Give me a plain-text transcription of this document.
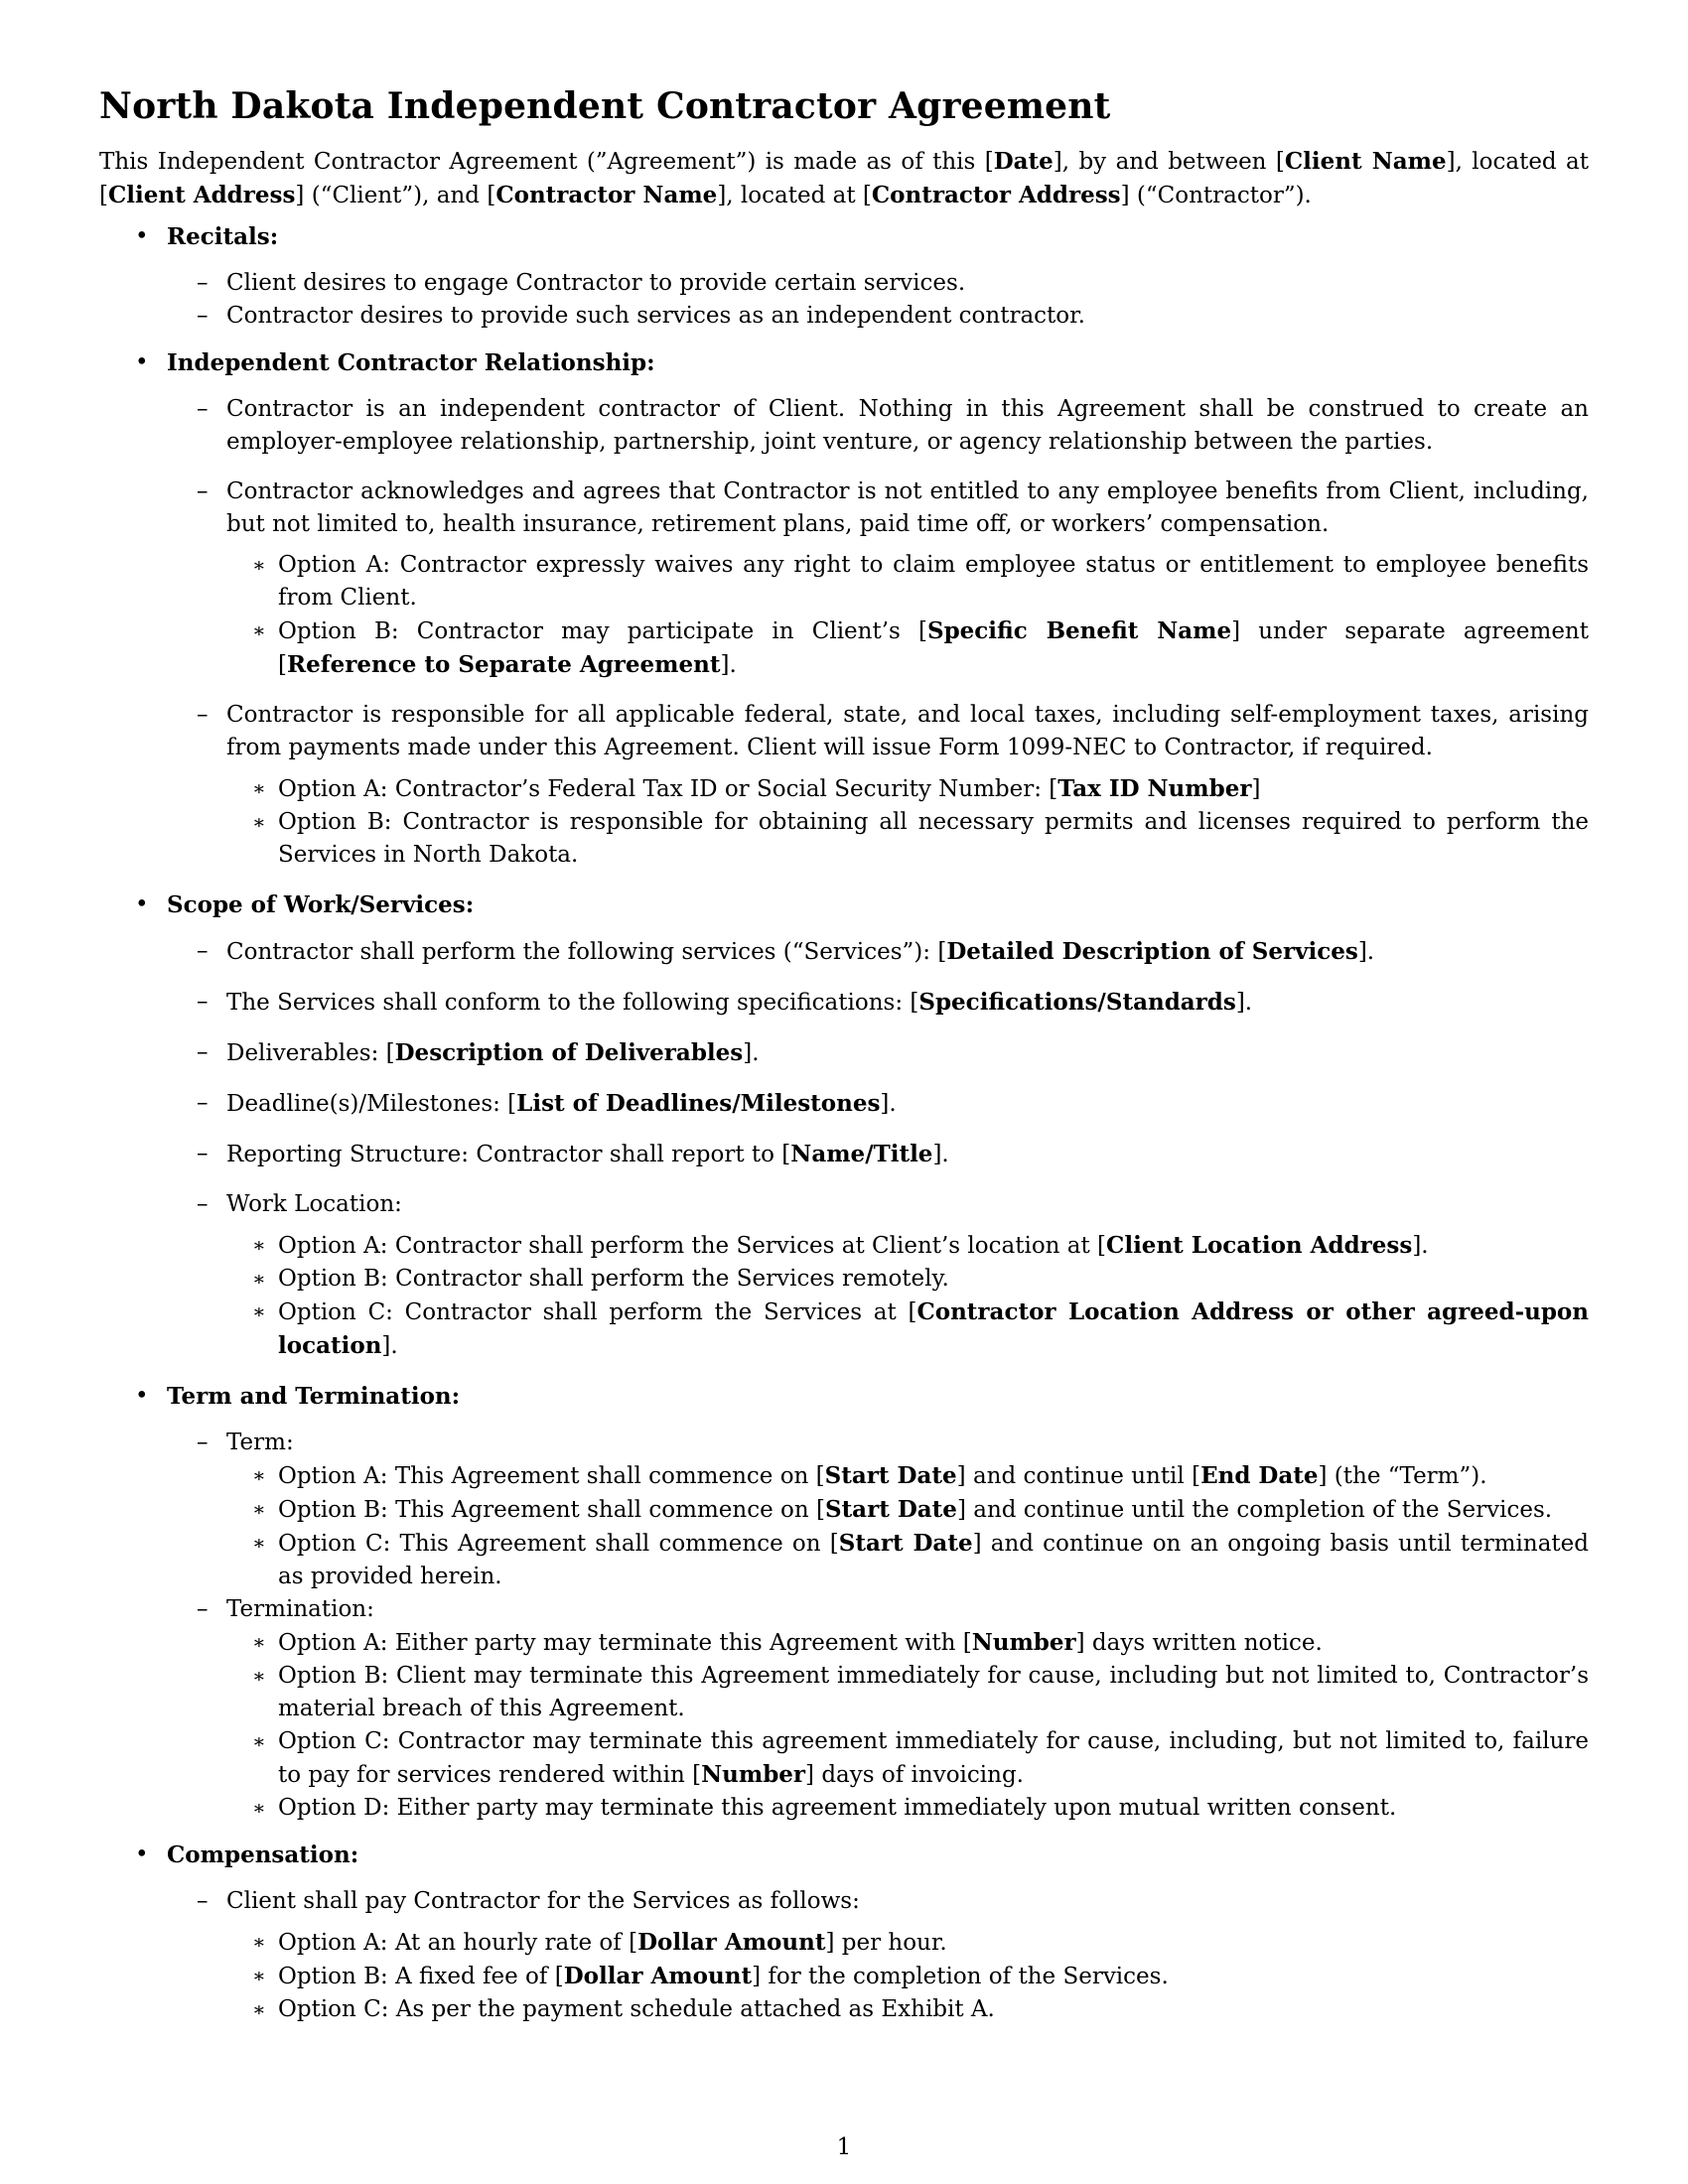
North Dakota Independent Contractor Agreement

This Independent Contractor Agreement (”Agreement”) is made as of this [Date], by and between [Client Name], located at [Client Address] (“Client”), and [Contractor Name], located at [Contractor Address] (“Contractor”).

• Recitals:
– Client desires to engage Contractor to provide certain services.
– Contractor desires to provide such services as an independent contractor.
• Independent Contractor Relationship:
– Contractor is an independent contractor of Client. Nothing in this Agreement shall be construed to create an employer-employee relationship, partnership, joint venture, or agency relationship between the parties.
– Contractor acknowledges and agrees that Contractor is not entitled to any employee benefits from Client, including, but not limited to, health insurance, retirement plans, paid time off, or workers’ compensation.
∗ Option A: Contractor expressly waives any right to claim employee status or entitlement to employee benefits from Client.
∗ Option B: Contractor may participate in Client’s [Specific Benefit Name] under separate agreement [Reference to Separate Agreement].
– Contractor is responsible for all applicable federal, state, and local taxes, including self-employment taxes, arising from payments made under this Agreement. Client will issue Form 1099-NEC to Contractor, if required.
∗ Option A: Contractor’s Federal Tax ID or Social Security Number: [Tax ID Number]
∗ Option B: Contractor is responsible for obtaining all necessary permits and licenses required to perform the Services in North Dakota.
• Scope of Work/Services:
– Contractor shall perform the following services (“Services”): [Detailed Description of Services].
– The Services shall conform to the following specifications: [Specifications/Standards].
– Deliverables: [Description of Deliverables].
– Deadline(s)/Milestones: [List of Deadlines/Milestones].
– Reporting Structure: Contractor shall report to [Name/Title].
– Work Location:
∗ Option A: Contractor shall perform the Services at Client’s location at [Client Location Address].
∗ Option B: Contractor shall perform the Services remotely.
∗ Option C: Contractor shall perform the Services at [Contractor Location Address or other agreed-upon location].
• Term and Termination:
– Term:
∗ Option A: This Agreement shall commence on [Start Date] and continue until [End Date] (the “Term”).
∗ Option B: This Agreement shall commence on [Start Date] and continue until the completion of the Services.
∗ Option C: This Agreement shall commence on [Start Date] and continue on an ongoing basis until terminated as provided herein.
– Termination:
∗ Option A: Either party may terminate this Agreement with [Number] days written notice.
∗ Option B: Client may terminate this Agreement immediately for cause, including but not limited to, Contractor’s material breach of this Agreement.
∗ Option C: Contractor may terminate this agreement immediately for cause, including, but not limited to, failure to pay for services rendered within [Number] days of invoicing.
∗ Option D: Either party may terminate this agreement immediately upon mutual written consent.
• Compensation:
– Client shall pay Contractor for the Services as follows:
∗ Option A: At an hourly rate of [Dollar Amount] per hour.
∗ Option B: A fixed fee of [Dollar Amount] for the completion of the Services.
∗ Option C: As per the payment schedule attached as Exhibit A.
1
